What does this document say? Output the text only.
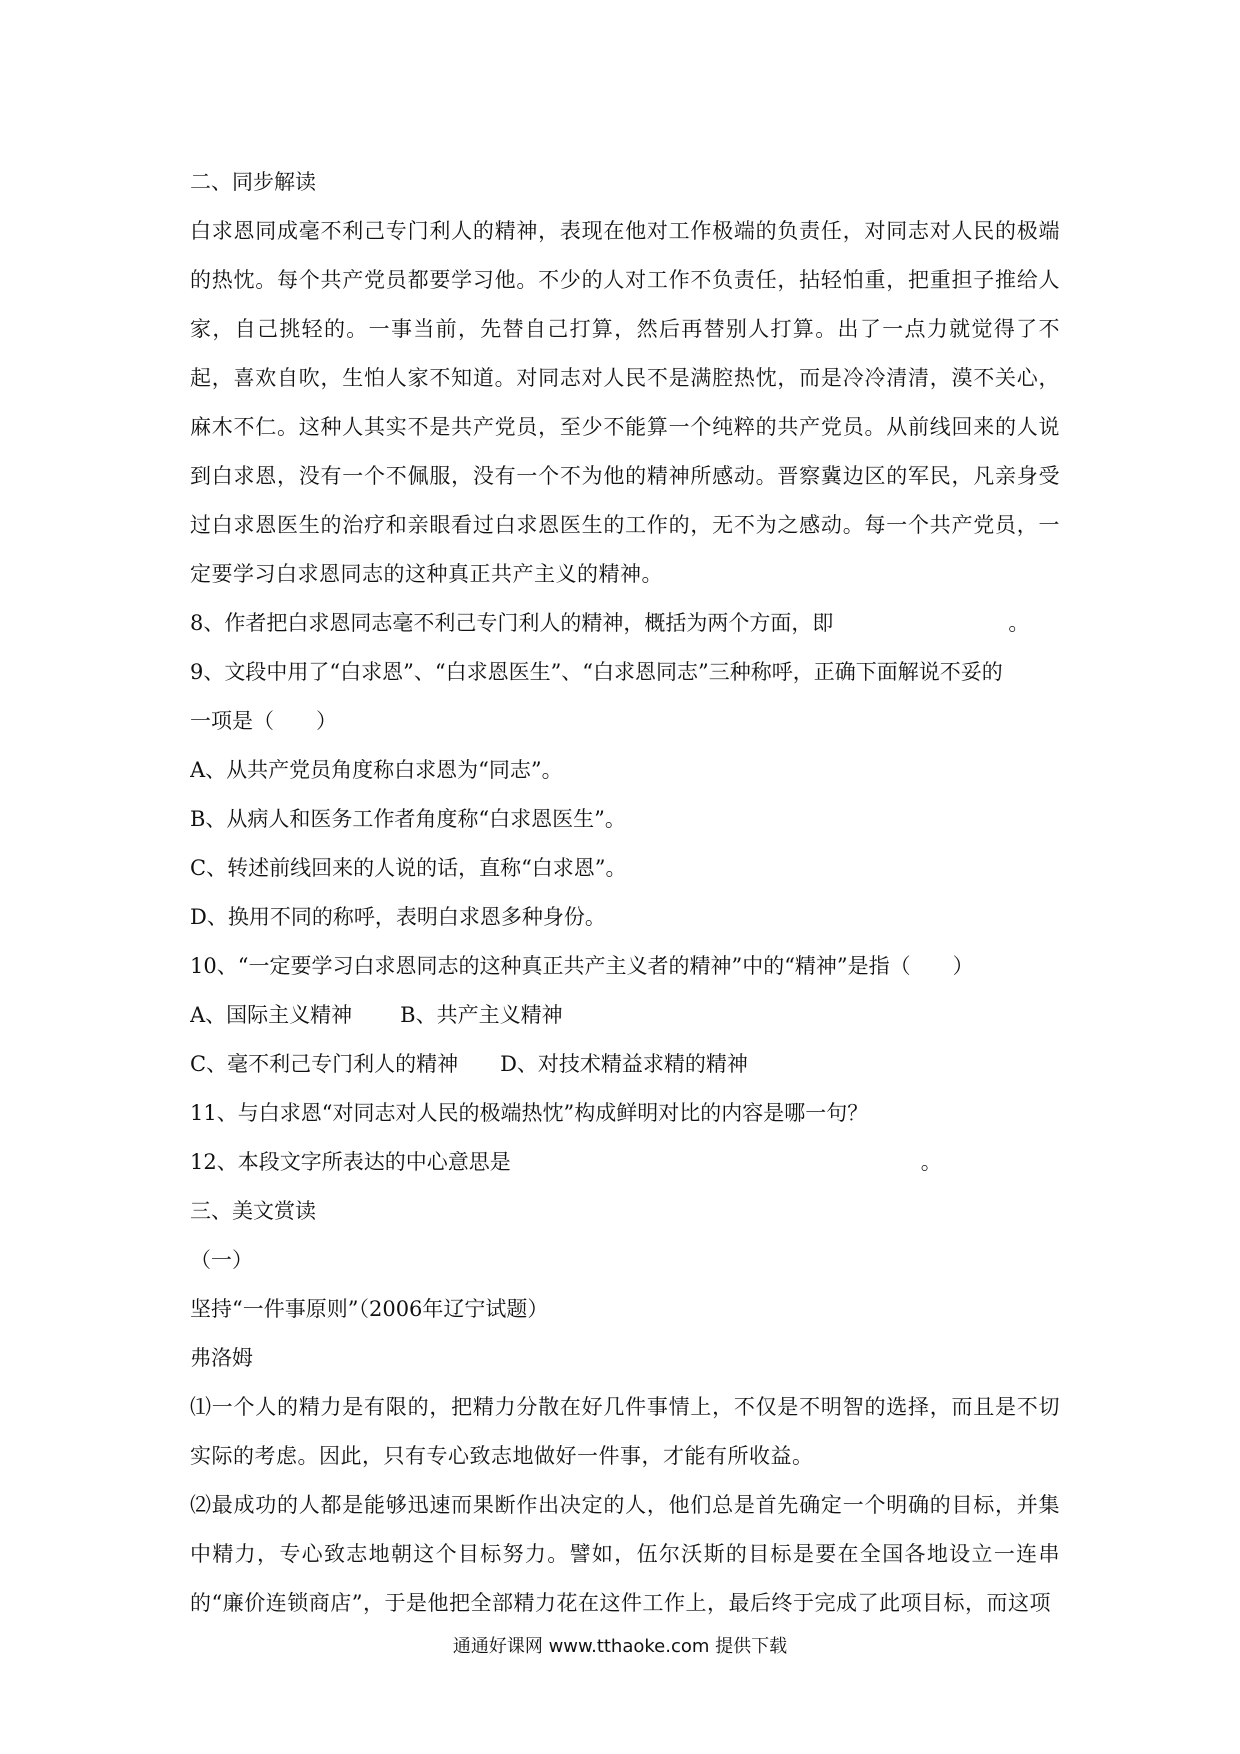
二、同步解读
白求恩同成毫不利己专门利人的精神，表现在他对工作极端的负责任，对同志对人民的极端的热忱。每个共产党员都要学习他。不少的人对工作不负责任，拈轻怕重，把重担子推给人家，自己挑轻的。一事当前，先替自己打算，然后再替别人打算。出了一点力就觉得了不起，喜欢自吹，生怕人家不知道。对同志对人民不是满腔热忱，而是冷冷清清，漠不关心，麻木不仁。这种人其实不是共产党员，至少不能算一个纯粹的共产党员。从前线回来的人说到白求恩，没有一个不佩服，没有一个不为他的精神所感动。晋察冀边区的军民，凡亲身受过白求恩医生的治疗和亲眼看过白求恩医生的工作的，无不为之感动。每一个共产党员，一定要学习白求恩同志的这种真正共产主义的精神。
8、作者把白求恩同志毫不利己专门利人的精神，概括为两个方面，即	。
9、文段中用了“白求恩”、“白求恩医生”、“白求恩同志”三种称呼，正确下面解说不妥的
一项是（　　）
A、从共产党员角度称白求恩为“同志”。
B、从病人和医务工作者角度称“白求恩医生”。
C、转述前线回来的人说的话，直称“白求恩”。
D、换用不同的称呼，表明白求恩多种身份。
10、“一定要学习白求恩同志的这种真正共产主义者的精神”中的“精神”是指（　　）
A、国际主义精神 B、共产主义精神
C、毫不利己专门利人的精神 D、对技术精益求精的精神
11、与白求恩“对同志对人民的极端热忱”构成鲜明对比的内容是哪一句？
12、本段文字所表达的中心意思是	。
三、美文赏读
（一）
坚持“一件事原则”（2006年辽宁试题）
弗洛姆
⑴一个人的精力是有限的，把精力分散在好几件事情上，不仅是不明智的选择，而且是不切实际的考虑。因此，只有专心致志地做好一件事，才能有所收益。
⑵最成功的人都是能够迅速而果断作出决定的人，他们总是首先确定一个明确的目标，并集中精力，专心致志地朝这个目标努力。譬如，伍尔沃斯的目标是要在全国各地设立一连串的“廉价连锁商店”，于是他把全部精力花在这件工作上，最后终于完成了此项目标，而这项
通通好课网 www.tthaoke.com 提供下载
